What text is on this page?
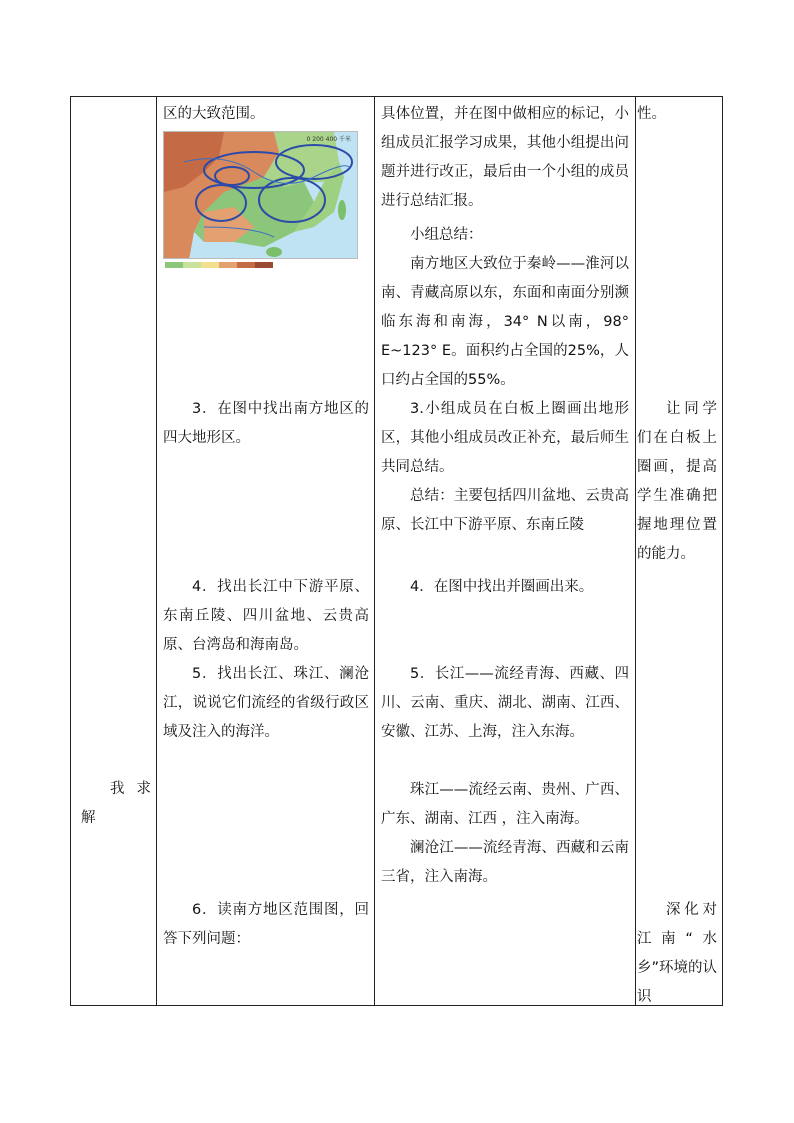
我 求 解

区的大致范围。

0 200 400 千米

3．在图中找出南方地区的四大地形区。

4．找出长江中下游平原、东南丘陵、四川盆地、云贵高原、台湾岛和海南岛。

5．找出长江、珠江、澜沧江，说说它们流经的省级行政区域及注入的海洋。

6．读南方地区范围图，回答下列问题：

具体位置，并在图中做相应的标记，小组成员汇报学习成果，其他小组提出问题并进行改正，最后由一个小组的成员进行总结汇报。

小组总结：

南方地区大致位于秦岭——淮河以南、青藏高原以东，东面和南面分别濒临东海和南海，34° N以南，98° E~123° E。面积约占全国的25%，人口约占全国的55%。

3.小组成员在白板上圈画出地形区，其他小组成员改正补充，最后师生共同总结。

总结：主要包括四川盆地、云贵高原、长江中下游平原、东南丘陵

4．在图中找出并圈画出来。

5．长江——流经青海、西藏、四川、云南、重庆、湖北、湖南、江西、安徽、江苏、上海，注入东海。

珠江——流经云南、贵州、广西、广东、湖南、江西 ，注入南海。

澜沧江——流经青海、西藏和云南三省，注入南海。

性。

让同学们在白板上圈画，提高学生准确把握地理位置的能力。

深化对江南“水乡”环境的认识
